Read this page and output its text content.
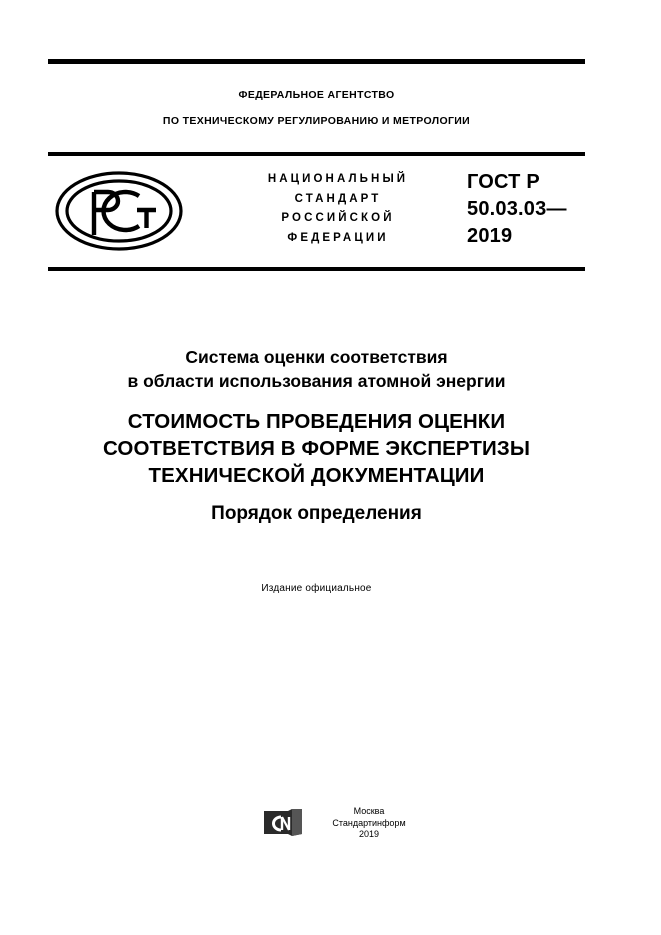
ФЕДЕРАЛЬНОЕ АГЕНТСТВО
ПО ТЕХНИЧЕСКОМУ РЕГУЛИРОВАНИЮ И МЕТРОЛОГИИ
НАЦИОНАЛЬНЫЙ
СТАНДАРТ
РОССИЙСКОЙ
ФЕДЕРАЦИИ
ГОСТ Р
50.03.03—
2019
Система оценки соответствия
в области использования атомной энергии
СТОИМОСТЬ ПРОВЕДЕНИЯ ОЦЕНКИ
СООТВЕТСТВИЯ В ФОРМЕ ЭКСПЕРТИЗЫ
ТЕХНИЧЕСКОЙ ДОКУМЕНТАЦИИ
Порядок определения
Издание официальное
Москва
Стандартинформ
2019
